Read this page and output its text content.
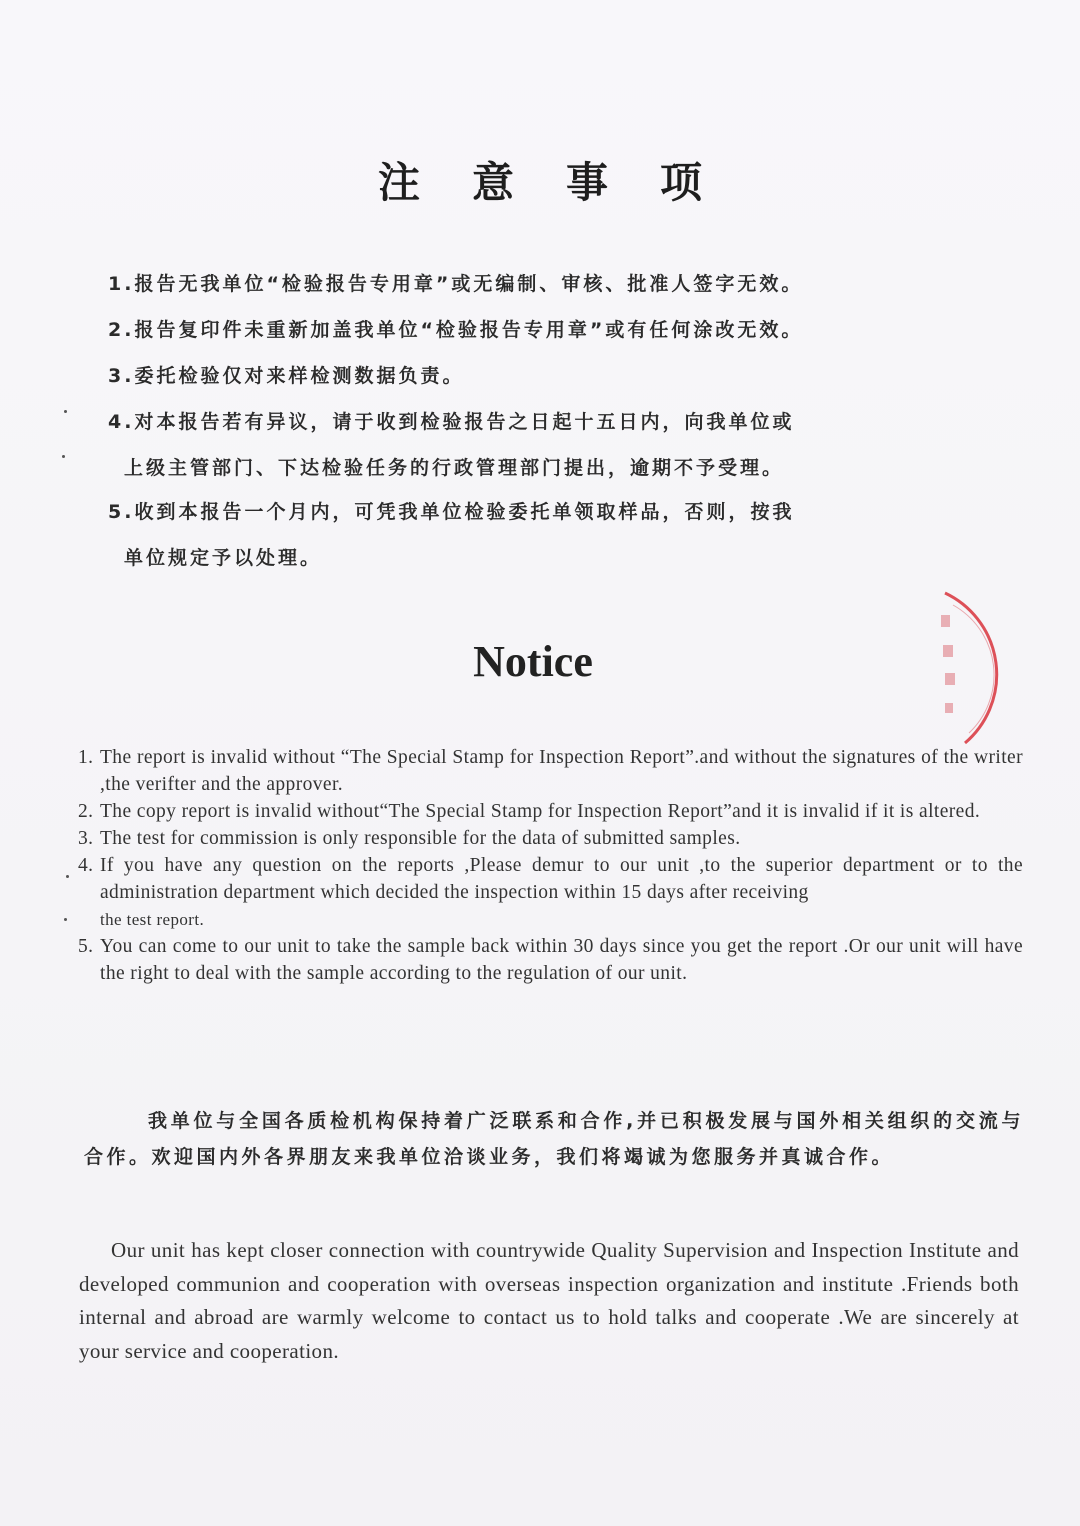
注意事项
1.报告无我单位“检验报告专用章”或无编制、审核、批准人签字无效。
2.报告复印件未重新加盖我单位“检验报告专用章”或有任何涂改无效。
3.委托检验仅对来样检测数据负责。
4.对本报告若有异议，请于收到检验报告之日起十五日内，向我单位或
上级主管部门、下达检验任务的行政管理部门提出，逾期不予受理。
5.收到本报告一个月内，可凭我单位检验委托单领取样品，否则，按我
单位规定予以处理。
Notice
1. The report is invalid without “The Special Stamp for Inspection Report”.and without the signatures of the writer ,the verifter and the approver.
2. The copy report is invalid without“The Special Stamp for Inspection Report”and it is invalid if it is altered.
3. The test for commission is only responsible for the data of submitted samples.
4. If you have any question on the reports ,Please demur to our unit ,to the superior department or to the administration department which decided the inspection within 15 days after receiving
the test report.
5. You can come to our unit to take the sample back within 30 days since you get the report .Or our unit will have the right to deal with the sample according to the regulation of our unit.
我单位与全国各质检机构保持着广泛联系和合作,并已积极发展与国外相关组织的交流与合作。欢迎国内外各界朋友来我单位洽谈业务，我们将竭诚为您服务并真诚合作。
Our unit has kept closer connection with countrywide Quality Supervision and Inspection Institute and developed communion and cooperation with overseas inspection organization and institute .Friends both internal and abroad are warmly welcome to contact us to hold talks and cooperate .We are sincerely at your service and cooperation.
